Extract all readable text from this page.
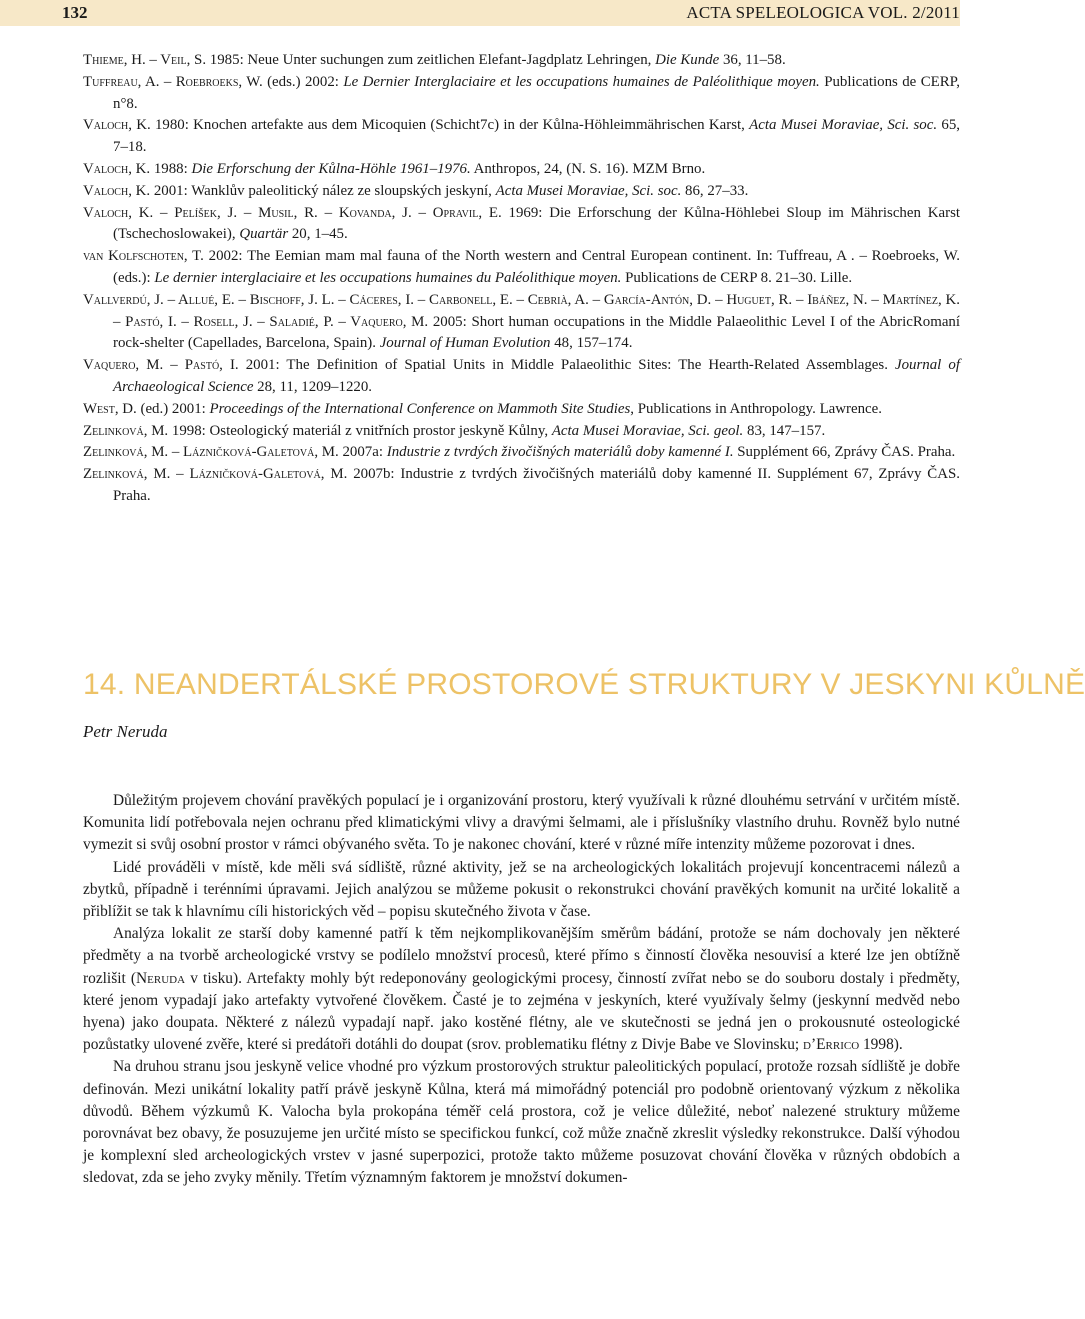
132	ACTA SPELEOLOGICA VOL. 2/2011
Thieme, H. – Veil, S. 1985: Neue Unter suchungen zum zeitlichen Elefant-Jagdplatz Lehringen, Die Kunde 36, 11–58.
Tuffreau, A. – Roebroeks, W. (eds.) 2002: Le Dernier Interglaciaire et les occupations humaines de Paléolithique moyen. Publications de CERP, n°8.
Valoch, K. 1980: Knochen artefakte aus dem Micoquien (Schicht7c) in der Kůlna-Höhleimmährischen Karst, Acta Musei Moraviae, Sci. soc. 65, 7–18.
Valoch, K. 1988: Die Erforschung der Kůlna-Höhle 1961–1976. Anthropos, 24, (N. S. 16). MZM Brno.
Valoch, K. 2001: Wanklův paleolitický nález ze sloupských jeskyní, Acta Musei Moraviae, Sci. soc. 86, 27–33.
Valoch, K. – Pelíšek, J. – Musil, R. – Kovanda, J. – Opravil, E. 1969: Die Erforschung der Kůlna-Höhlebei Sloup im Mährischen Karst (Tschechoslowakei), Quartär 20, 1–45.
van Kolfschoten, T. 2002: The Eemian mam mal fauna of the North western and Central European continent. In: Tuffreau, A . – Roebroeks, W. (eds.): Le dernier interglaciaire et les occupations humaines du Paléolithique moyen. Publications de CERP 8. 21–30. Lille.
Vallverdú, J. – Allué, E. – Bischoff, J. L. – Cáceres, I. – Carbonell, E. – Cebrià, A. – García-Antón, D. – Huguet, R. – Ibáñez, N. – Martínez, K. – Pastó, I. – Rosell, J. – Saladié, P. – Vaquero, M. 2005: Short human occupations in the Middle Palaeolithic Level I of the AbricRomaní rock-shelter (Capellades, Barcelona, Spain). Journal of Human Evolution 48, 157–174.
Vaquero, M. – Pastó, I. 2001: The Definition of Spatial Units in Middle Palaeolithic Sites: The Hearth-Related Assemblages. Journal of Archaeological Science 28, 11, 1209–1220.
West, D. (ed.) 2001: Proceedings of the International Conference on Mammoth Site Studies, Publications in Anthropology. Lawrence.
Zelinková, M. 1998: Osteologický materiál z vnitřních prostor jeskyně Kůlny, Acta Musei Moraviae, Sci. geol. 83, 147–157.
Zelinková, M. – Lázničková-Galetová, M. 2007a: Industrie z tvrdých živočišných materiálů doby kamenné I. Supplément 66, Zprávy ČAS. Praha.
Zelinková, M. – Lázničková-Galetová, M. 2007b: Industrie z tvrdých živočišných materiálů doby kamenné II. Supplément 67, Zprávy ČAS. Praha.
14. NEANDERTÁLSKÉ PROSTOROVÉ STRUKTURY V JESKYNI KŮLNĚ
Petr Neruda

Důležitým projevem chování pravěkých populací je i organizování prostoru, který využívali k různé dlouhému setrvání v určitém místě. Komunita lidí potřebovala nejen ochranu před klimatickými vlivy a dravými šelmami, ale i příslušníky vlastního druhu. Rovněž bylo nutné vymezit si svůj osobní prostor v rámci obývaného světa. To je nakonec chování, které v různé míře intenzity můžeme pozorovat i dnes.

Lidé prováděli v místě, kde měli svá sídliště, různé aktivity, jež se na archeologických lokalitách projevují koncentracemi nálezů a zbytků, případně i terénními úpravami. Jejich analýzou se můžeme pokusit o rekonstrukci chování pravěkých komunit na určité lokalitě a přiblížit se tak k hlavnímu cíli historických věd – popisu skutečného života v čase.

Analýza lokalit ze starší doby kamenné patří k těm nejkomplikovanějším směrům bádání, protože se nám dochovaly jen některé předměty a na tvorbě archeologické vrstvy se podílelo množství procesů, které přímo s činností člověka nesouvisí a které lze jen obtížně rozlišit (Neruda v tisku). Artefakty mohly být redeponovány geologickými procesy, činností zvířat nebo se do souboru dostaly i předměty, které jenom vypadají jako artefakty vytvořené člověkem. Časté je to zejména v jeskyních, které využívaly šelmy (jeskynní medvěd nebo hyena) jako doupata. Některé z nálezů vypadají např. jako kostěné flétny, ale ve skutečnosti se jedná jen o prokousnuté osteologické pozůstatky ulovené zvěře, které si predátoři dotáhli do doupat (srov. problematiku flétny z Divje Babe ve Slovinsku; d’Errico 1998).

Na druhou stranu jsou jeskyně velice vhodné pro výzkum prostorových struktur paleolitických populací, protože rozsah sídliště je dobře definován. Mezi unikátní lokality patří právě jeskyně Kůlna, která má mimořádný potenciál pro podobně orientovaný výzkum z několika důvodů. Během výzkumů K. Valocha byla prokopána téměř celá prostora, což je velice důležité, neboť nalezené struktury můžeme porovnávat bez obavy, že posuzujeme jen určité místo se specifickou funkcí, což může značně zkreslit výsledky rekonstrukce. Další výhodou je komplexní sled archeologických vrstev v jasné superpozici, protože takto můžeme posuzovat chování člověka v různých obdobích a sledovat, zda se jeho zvyky měnily. Třetím významným faktorem je množství dokumen-
